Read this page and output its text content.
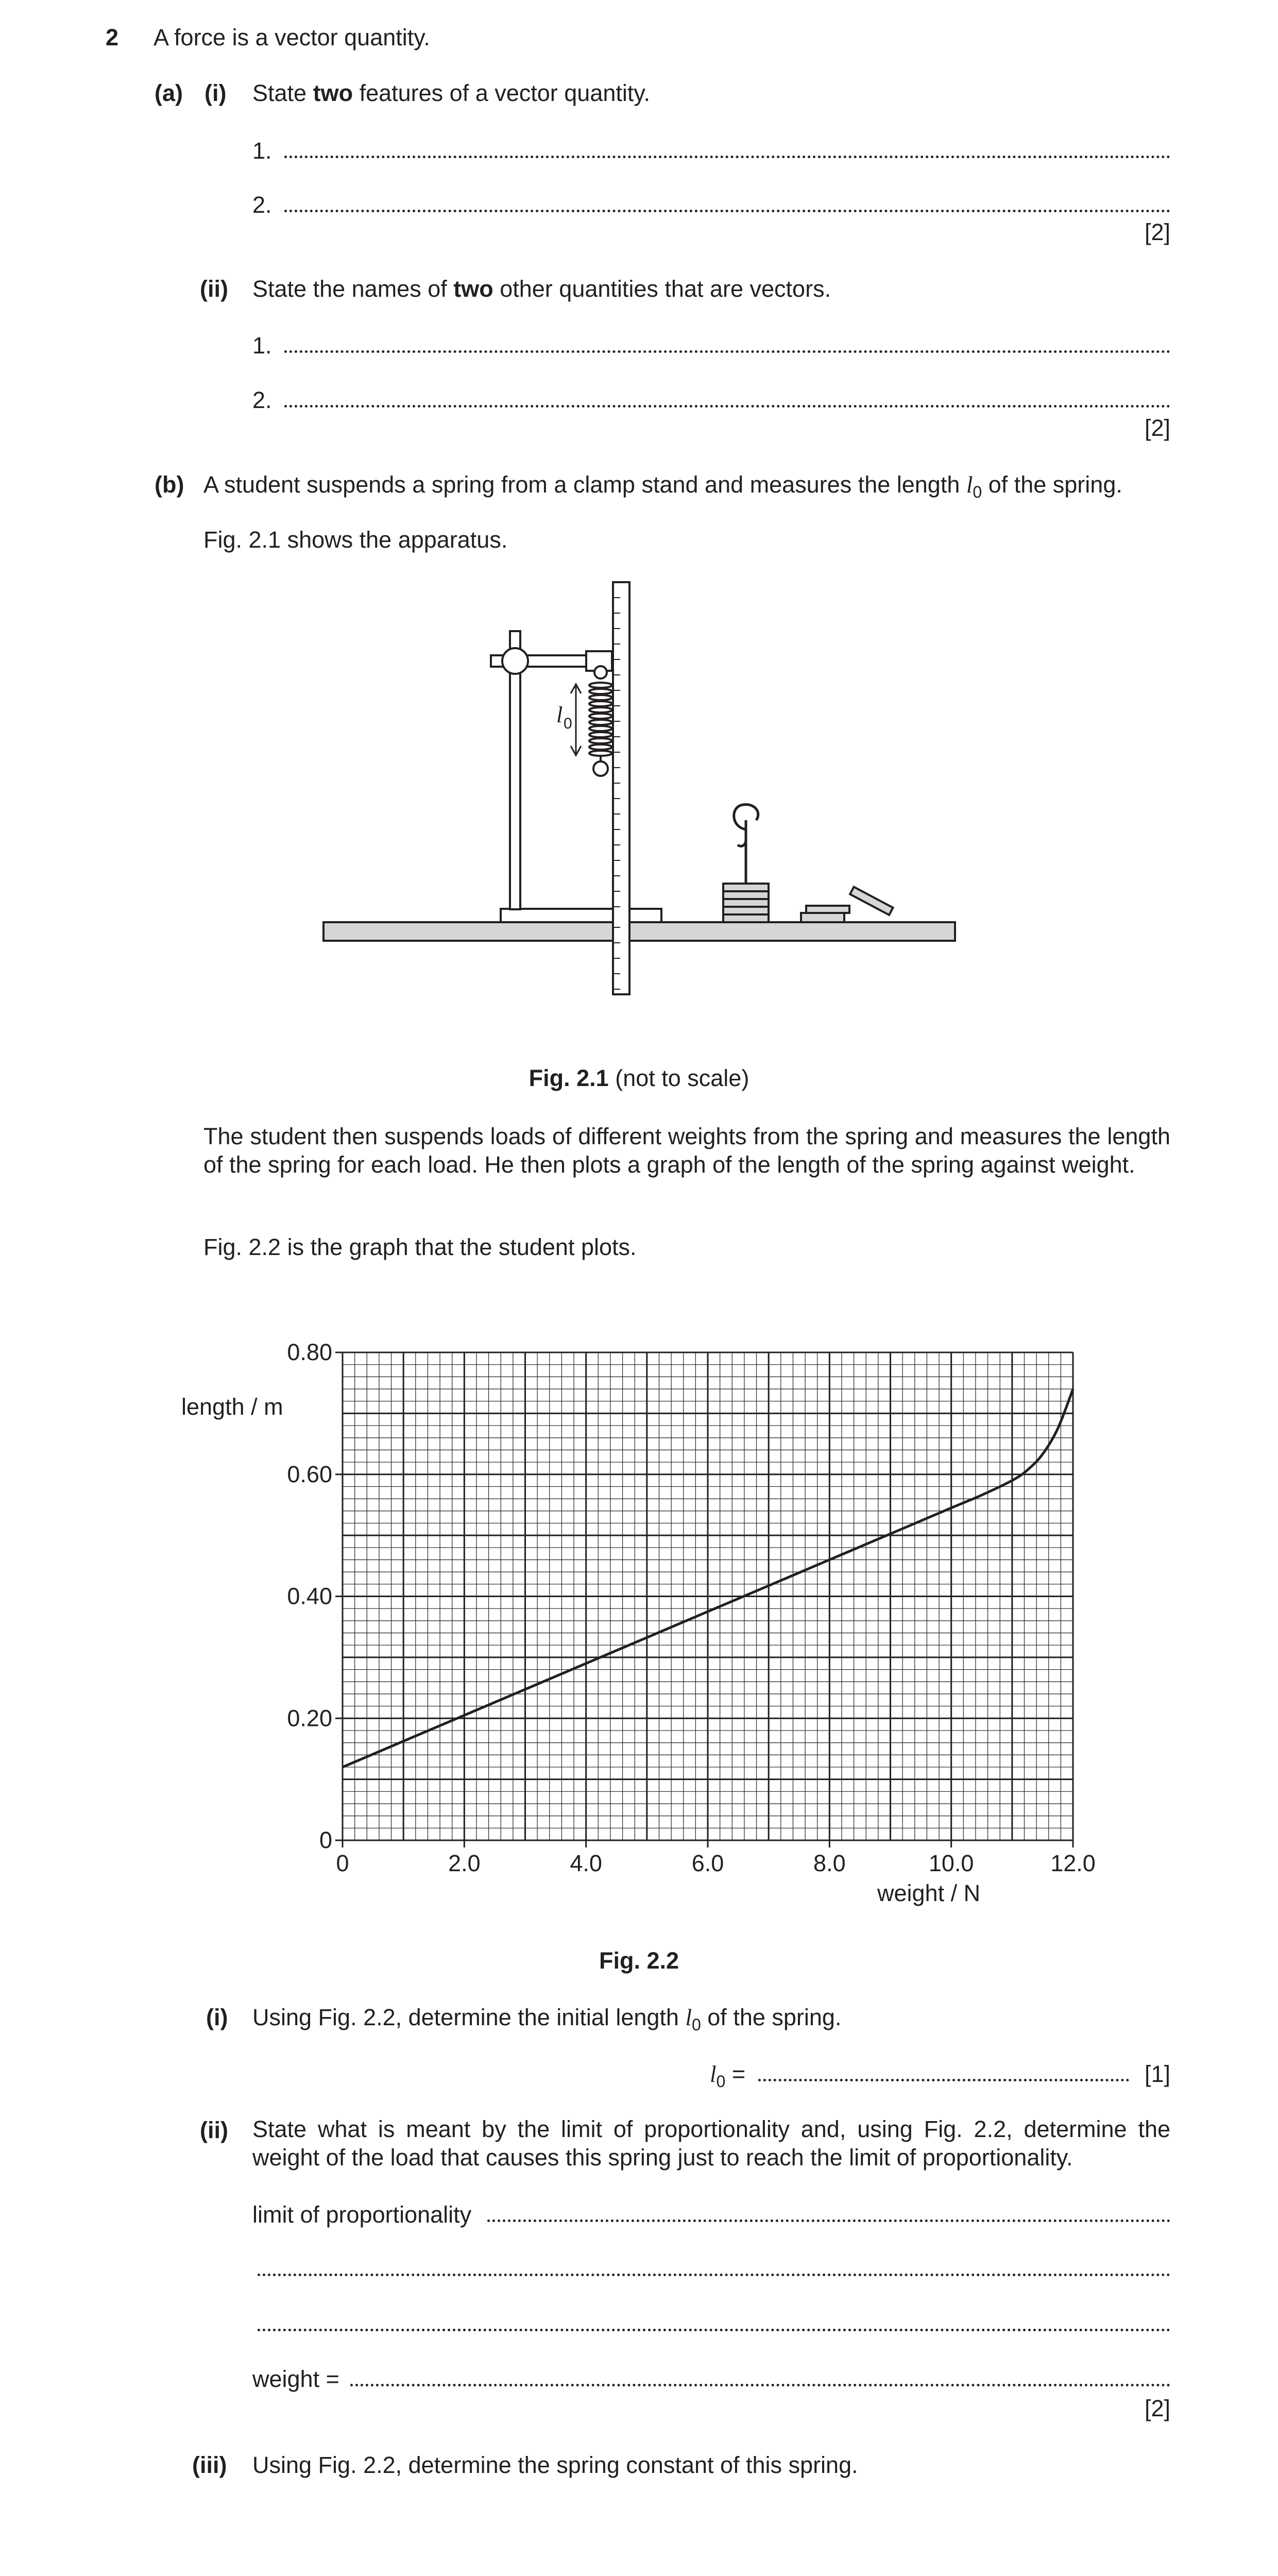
2 A force is a vector quantity.
(a) (i) State two features of a vector quantity.
1.
2.
[2]
(ii) State the names of two other quantities that are vectors.
1.
2.
[2]
(b) A student suspends a spring from a clamp stand and measures the length $l_0$ of the spring.
Fig. 2.1 shows the apparatus.
l 0
Fig. 2.1 (not to scale)
The student then suspends loads of different weights from the spring and measures the length of the spring for each load. He then plots a graph of the length of the spring against weight.
Fig. 2.2 is the graph that the student plots.
0	2.0	4.0	6.0	8.0	10.0	12.0
0
0.20
0.40
0.60
0.80
length / m
weight / N
Fig. 2.2
(i) Using Fig. 2.2, determine the initial length $l_0$ of the spring.
$l_0$ =	[1]
(ii) State what is meant by the limit of proportionality and, using Fig. 2.2, determine the weight of the load that causes this spring just to reach the limit of proportionality.
limit of proportionality
weight =
[2]
(iii) Using Fig. 2.2, determine the spring constant of this spring.
